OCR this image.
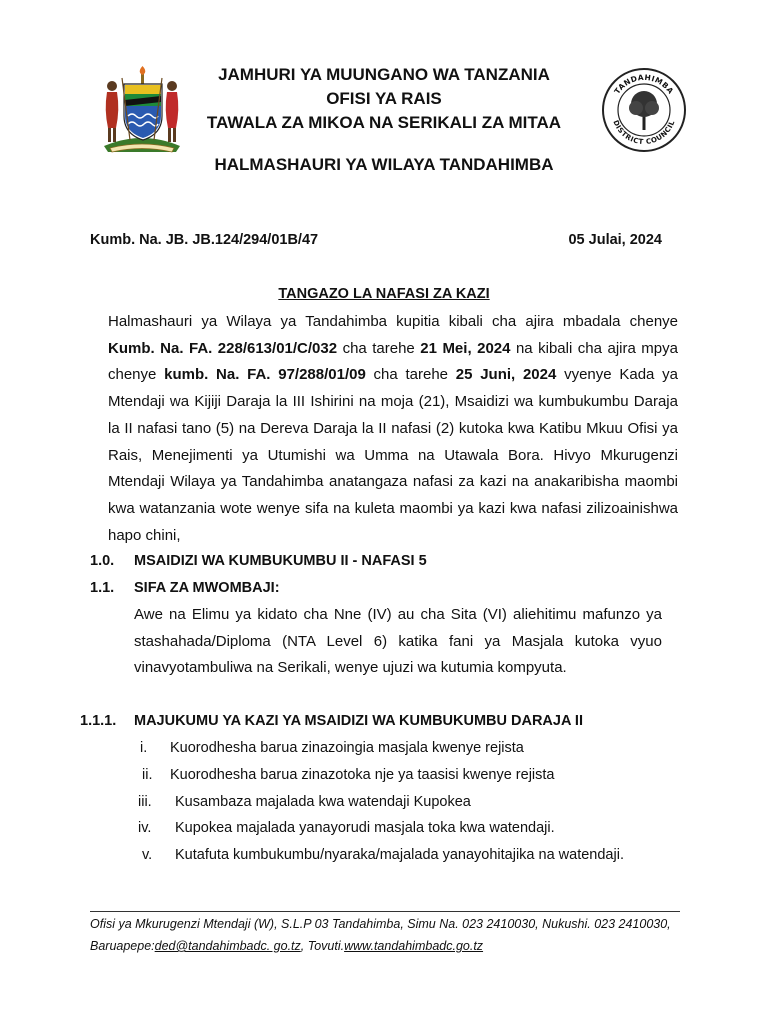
JAMHURI YA MUUNGANO WA TANZANIA
OFISI YA RAIS
TAWALA ZA MIKOA NA SERIKALI ZA MITAA
HALMASHAURI YA WILAYA TANDAHIMBA
TANDAHIMBA
DISTRICT COUNCIL
Kumb. Na. JB. JB.124/294/01B/47	05 Julai, 2024
TANGAZO LA NAFASI ZA KAZI
Halmashauri ya Wilaya ya Tandahimba kupitia kibali cha ajira mbadala chenye Kumb. Na. FA. 228/613/01/C/032 cha tarehe 21 Mei, 2024 na kibali cha ajira mpya chenye kumb. Na. FA. 97/288/01/09 cha tarehe 25 Juni, 2024 vyenye Kada ya Mtendaji wa Kijiji Daraja la III Ishirini na moja (21), Msaidizi wa kumbukumbu Daraja la II nafasi tano (5) na Dereva Daraja la II nafasi (2) kutoka kwa Katibu Mkuu Ofisi ya Rais, Menejimenti ya Utumishi wa Umma na Utawala Bora. Hivyo Mkurugenzi Mtendaji Wilaya ya Tandahimba anatangaza nafasi za kazi na anakaribisha maombi kwa watanzania wote wenye sifa na kuleta maombi ya kazi kwa nafasi zilizoainishwa hapo chini,
1.0. MSAIDIZI WA KUMBUKUMBU II - NAFASI 5
1.1. SIFA ZA MWOMBAJI:
Awe na Elimu ya kidato cha Nne (IV) au cha Sita (VI) aliehitimu mafunzo ya stashahada/Diploma (NTA Level 6) katika fani ya Masjala kutoka vyuo vinavyotambuliwa na Serikali, wenye ujuzi wa kutumia kompyuta.
1.1.1. MAJUKUMU YA KAZI YA MSAIDIZI WA KUMBUKUMBU DARAJA II
i. Kuorodhesha barua zinazoingia masjala kwenye rejista
ii. Kuorodhesha barua zinazotoka nje ya taasisi kwenye rejista
iii. Kusambaza majalada kwa watendaji Kupokea
iv. Kupokea majalada yanayorudi masjala toka kwa watendaji.
v. Kutafuta kumbukumbu/nyaraka/majalada yanayohitajika na watendaji.
Ofisi ya Mkurugenzi Mtendaji (W), S.L.P 03 Tandahimba, Simu Na. 023 2410030, Nukushi. 023 2410030,
Baruapepe:ded@tandahimbadc. go.tz, Tovuti.www.tandahimbadc.go.tz
